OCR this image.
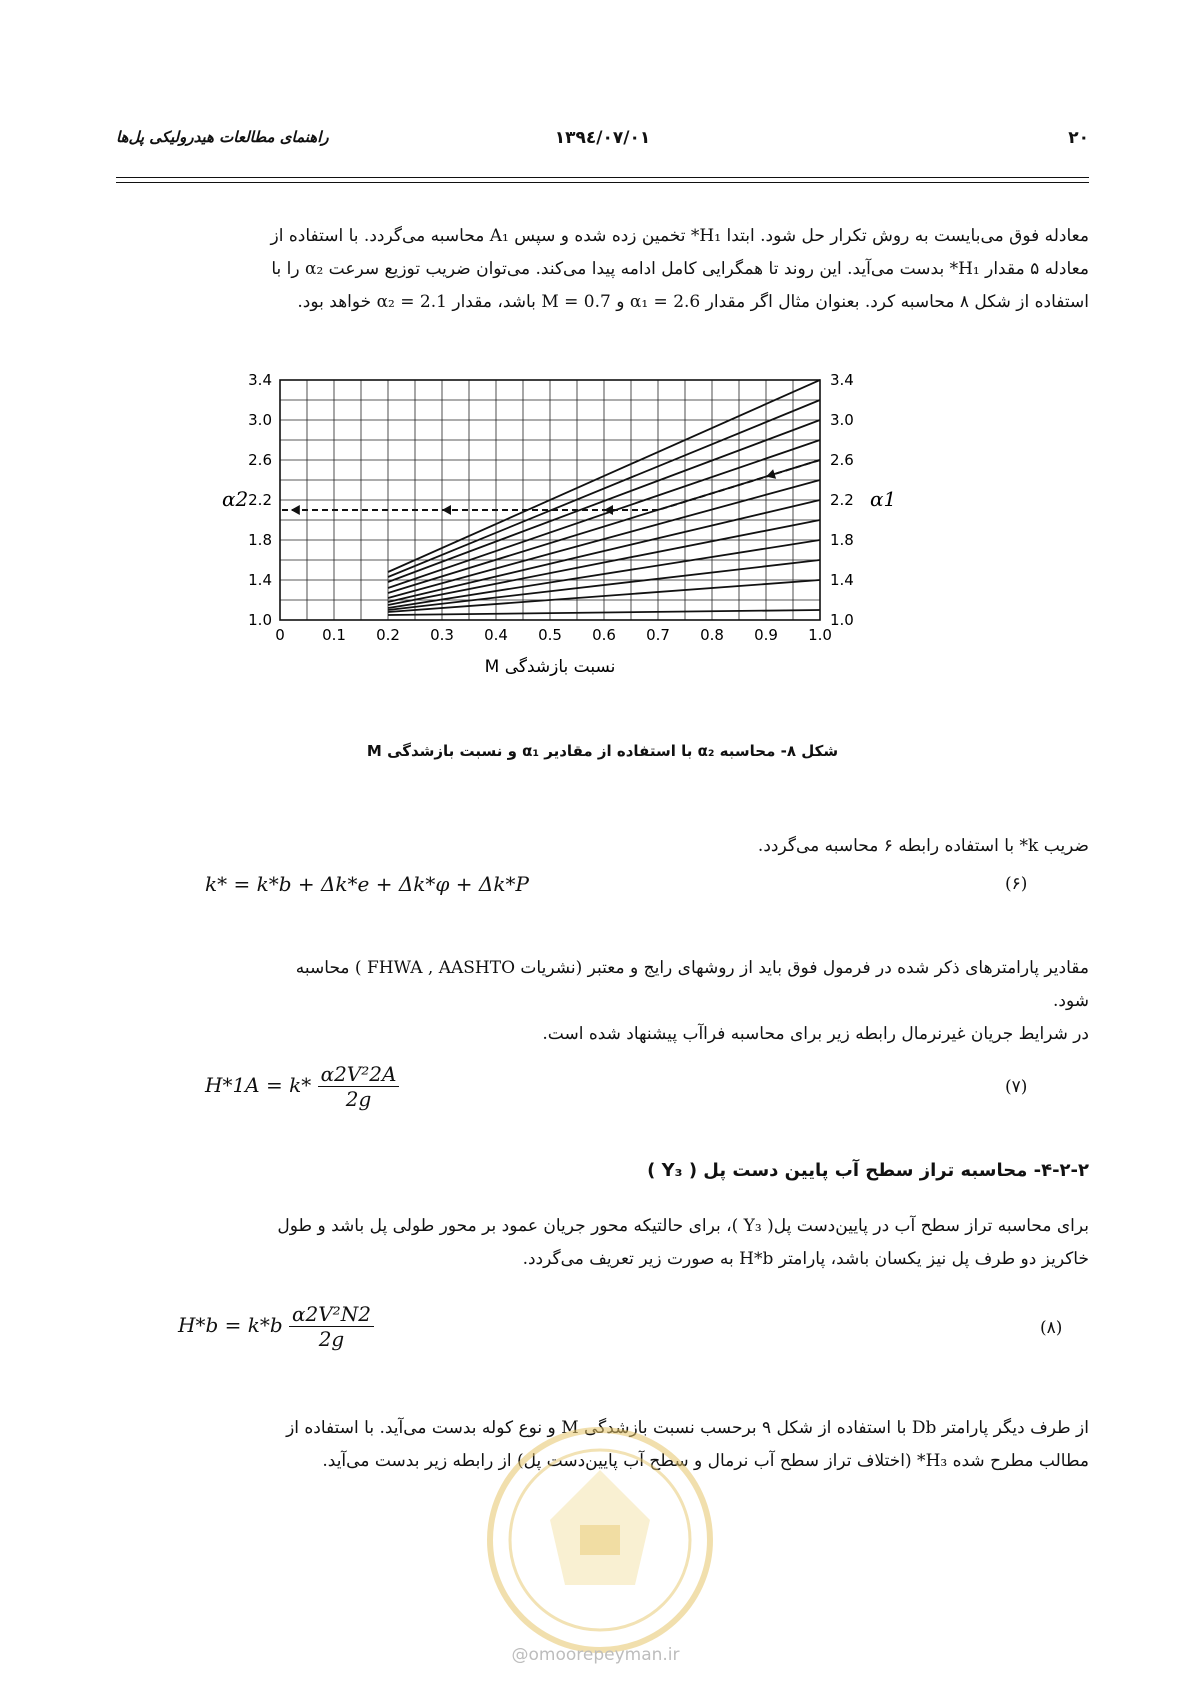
۲۰
۱۳۹٤/۰۷/۰۱
راهنمای مطالعات هیدرولیکی پل‌ها
معادله فوق می‌بایست به روش تکرار حل شود. ابتدا H₁* تخمین زده شده و سپس A₁ محاسبه می‌گردد. با استفاده از
معادله ۵ مقدار H₁* بدست می‌آید. این روند تا همگرایی کامل ادامه پیدا می‌کند. می‌توان ضریب توزیع سرعت α₂ را با
استفاده از شکل ۸ محاسبه کرد. بعنوان مثال اگر مقدار α₁ = 2.6 و M = 0.7 باشد، مقدار α₂ = 2.1 خواهد بود.
0 0.1 0.2 0.3 0.4 0.5 0.6 0.7 0.8 0.9 1.0
1.0	1.0
1.4	1.4
1.8	1.8
2.2	2.2
2.6	2.6
3.0	3.0
3.4	3.4
α2	α1
نسبت بازشدگی M
شکل ۸- محاسبه α₂ با استفاده از مقادیر α₁ و نسبت بازشدگی M
ضریب k* با استفاده رابطه ۶ محاسبه می‌گردد.
k* = k*b + Δk*e + Δk*φ + Δk*P	(۶)
مقادیر پارامترهای ذکر شده در فرمول فوق باید از روشهای رایج و معتبر (نشریات FHWA , AASHTO ) محاسبه
شود.
در شرایط جریان غیرنرمال رابطه زیر برای محاسبه فراآب پیشنهاد شده است.
$H*1A = k* \frac{\text{α2V²2A}}{2g}$	(۷)
۴-۲-۲- محاسبه تراز سطح آب پایین دست پل ( Y₃ )
برای محاسبه تراز سطح آب در پایین‌دست پل( Y₃ )، برای حالتیکه محور جریان عمود بر محور طولی پل باشد و طول
خاکریز دو طرف پل نیز یکسان باشد، پارامتر H*b به صورت زیر تعریف می‌گردد.
$H*b = k*b \frac{\text{α2V²N2}}{2g}$	(۸)
از طرف دیگر پارامتر Db با استفاده از شکل ۹ برحسب نسبت بازشدگی M و نوع کوله بدست می‌آید. با استفاده از
مطالب مطرح شده H₃* (اختلاف تراز سطح آب نرمال و سطح آب پایین‌دست پل) از رابطه زیر بدست می‌آید.
@omoorepeyman.ir
